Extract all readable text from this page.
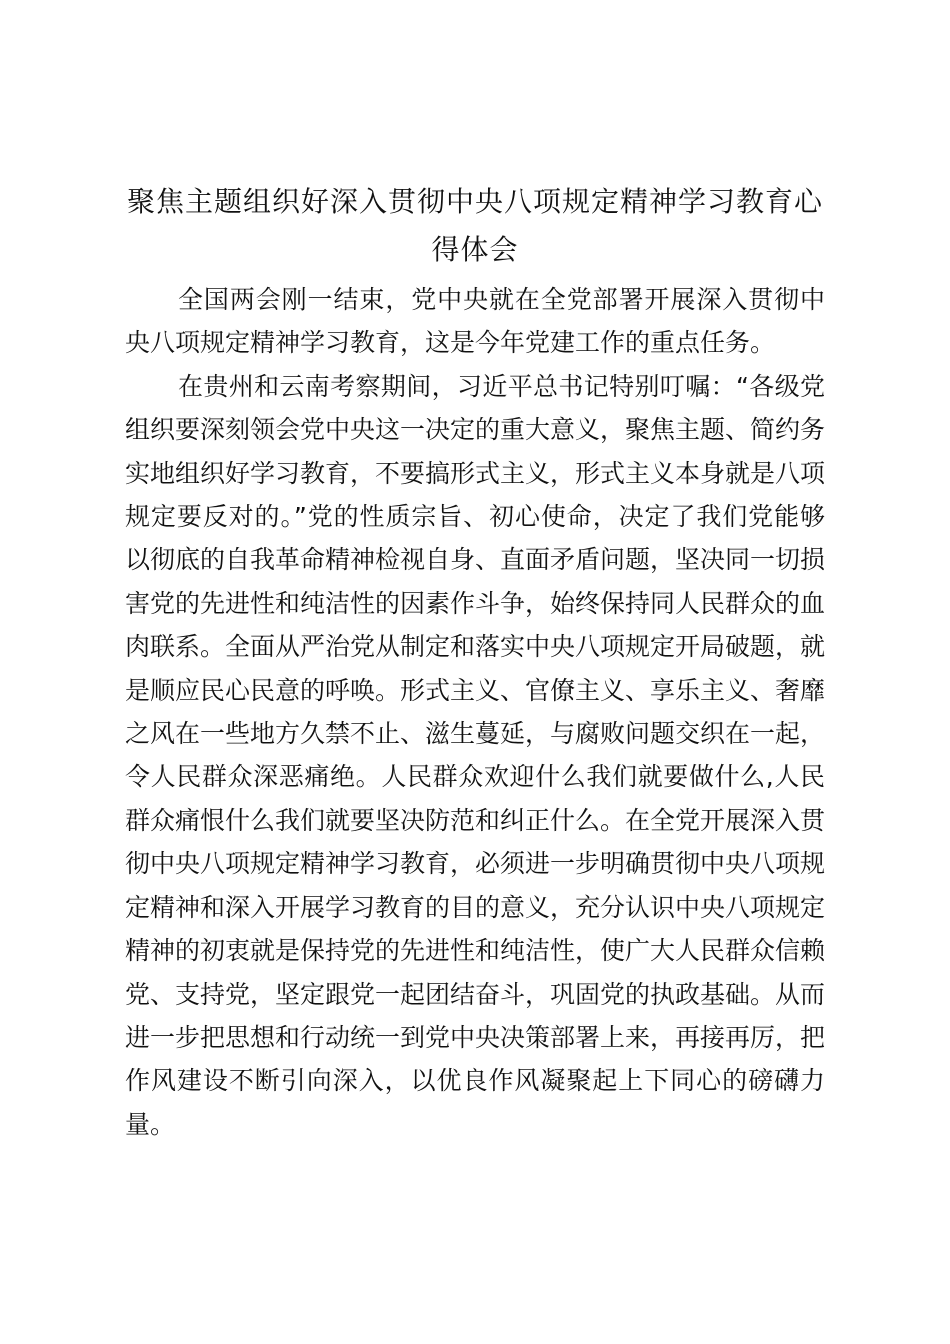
聚焦主题组织好深入贯彻中央八项规定精神学习教育心得体会

全国两会刚一结束，党中央就在全党部署开展深入贯彻中央八项规定精神学习教育，这是今年党建工作的重点任务。

在贵州和云南考察期间，习近平总书记特别叮嘱：“各级党组织要深刻领会党中央这一决定的重大意义，聚焦主题、简约务实地组织好学习教育，不要搞形式主义，形式主义本身就是八项规定要反对的。”党的性质宗旨、初心使命，决定了我们党能够以彻底的自我革命精神检视自身、直面矛盾问题，坚决同一切损害党的先进性和纯洁性的因素作斗争，始终保持同人民群众的血肉联系。全面从严治党从制定和落实中央八项规定开局破题，就是顺应民心民意的呼唤。形式主义、官僚主义、享乐主义、奢靡之风在一些地方久禁不止、滋生蔓延，与腐败问题交织在一起，令人民群众深恶痛绝。人民群众欢迎什么我们就要做什么,人民群众痛恨什么我们就要坚决防范和纠正什么。在全党开展深入贯彻中央八项规定精神学习教育，必须进一步明确贯彻中央八项规定精神和深入开展学习教育的目的意义，充分认识中央八项规定精神的初衷就是保持党的先进性和纯洁性，使广大人民群众信赖党、支持党，坚定跟党一起团结奋斗，巩固党的执政基础。从而进一步把思想和行动统一到党中央决策部署上来，再接再厉，把作风建设不断引向深入，以优良作风凝聚起上下同心的磅礴力量。
